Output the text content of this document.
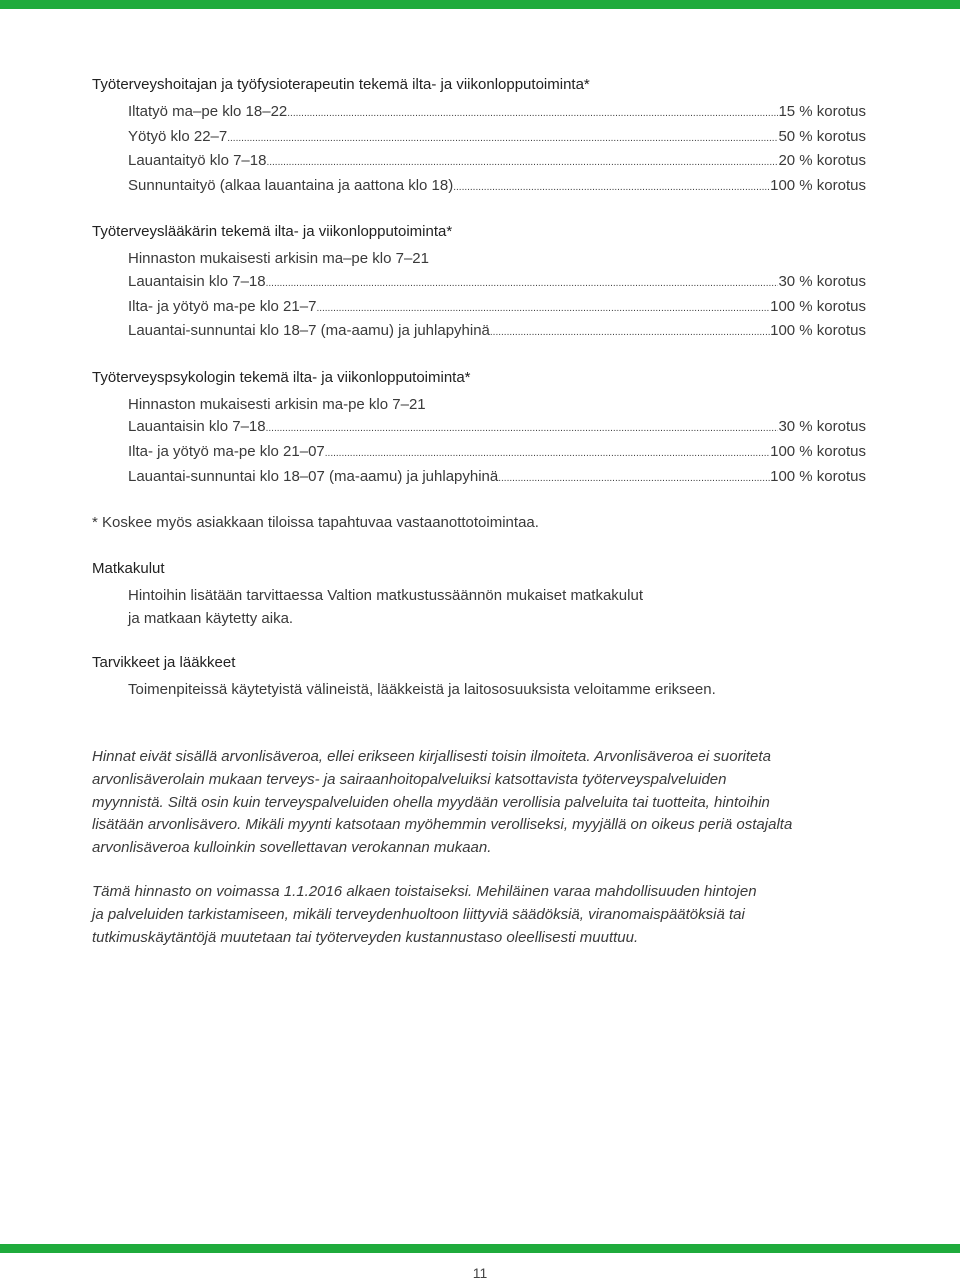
Työterveyshoitajan ja työfysioterapeutin tekemä ilta- ja viikonlopputoiminta*
Iltatyö ma–pe klo 18–22 .....	15 % korotus
Yötyö klo 22–7 .....	50 % korotus
Lauantaityö klo 7–18 .....	20 % korotus
Sunnuntaityö (alkaa lauantaina ja aattona klo 18) .....	100 % korotus
Työterveyslääkärin tekemä ilta- ja viikonlopputoiminta*
Hinnaston mukaisesti arkisin ma–pe klo 7–21
Lauantaisin klo 7–18 .....	30 % korotus
Ilta- ja yötyö ma-pe klo 21–7 .....	100 % korotus
Lauantai-sunnuntai klo 18–7 (ma-aamu) ja juhlapyhinä .....	100 % korotus
Työterveyspsykologin tekemä ilta- ja viikonlopputoiminta*
Hinnaston mukaisesti arkisin ma-pe klo 7–21
Lauantaisin klo 7–18 .....	30 % korotus
Ilta- ja yötyö ma-pe klo 21–07 .....	100 % korotus
Lauantai-sunnuntai klo 18–07 (ma-aamu) ja juhlapyhinä .....	100 % korotus
* Koskee myös asiakkaan tiloissa tapahtuvaa vastaanottotoimintaa.
Matkakulut
Hintoihin lisätään tarvittaessa Valtion matkustussäännön mukaiset matkakulut
ja matkaan käytetty aika.
Tarvikkeet ja lääkkeet
Toimenpiteissä käytetyistä välineistä, lääkkeistä ja laitososuuksista veloitamme erikseen.
Hinnat eivät sisällä arvonlisäveroa, ellei erikseen kirjallisesti toisin ilmoiteta. Arvonlisäveroa ei suoriteta
arvonlisäverolain mukaan terveys- ja sairaanhoitopalveluiksi katsottavista työterveyspalveluiden
myynnistä. Siltä osin kuin terveyspalveluiden ohella myydään verollisia palveluita tai tuotteita, hintoihin
lisätään arvonlisävero. Mikäli myynti katsotaan myöhemmin verolliseksi, myyjällä on oikeus periä ostajalta
arvonlisäveroa kulloinkin sovellettavan verokannan mukaan.
Tämä hinnasto on voimassa 1.1.2016 alkaen toistaiseksi. Mehiläinen varaa mahdollisuuden hintojen
ja palveluiden tarkistamiseen, mikäli terveydenhuoltoon liittyviä säädöksiä, viranomaispäätöksiä tai
tutkimuskäytäntöjä muutetaan tai työterveyden kustannustaso oleellisesti muuttuu.
11
